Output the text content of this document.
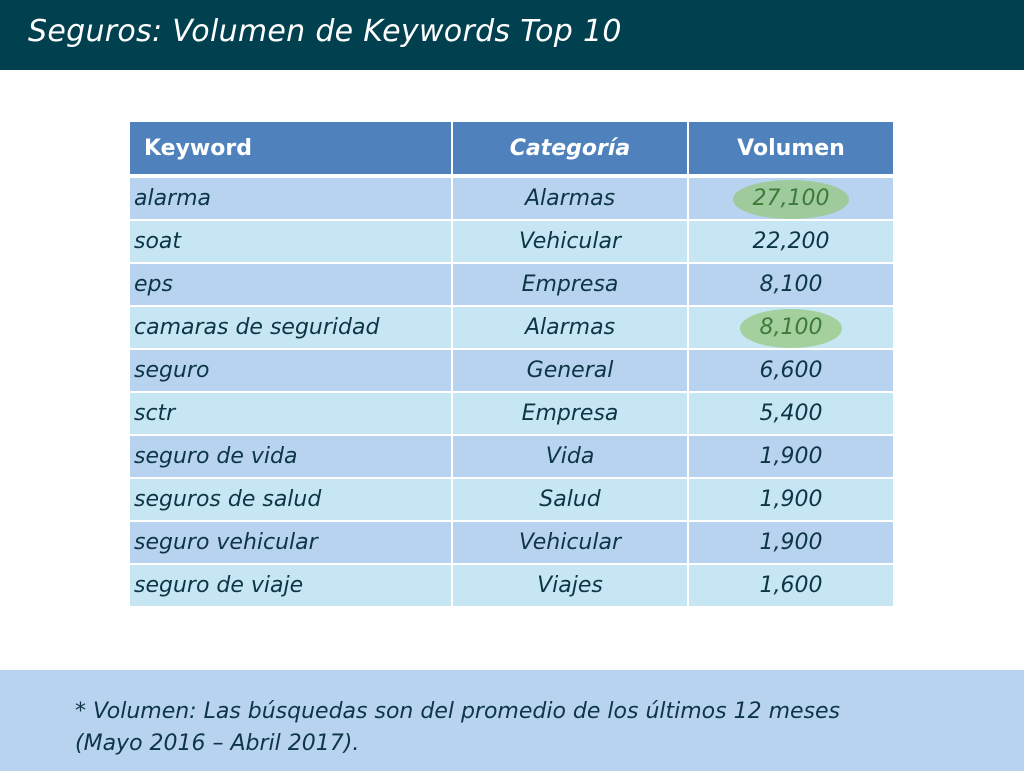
Seguros: Volumen de Keywords Top 10
Keyword	Categoría	Volumen
alarma	Alarmas	27,100
soat	Vehicular	22,200
eps	Empresa	8,100
camaras de seguridad	Alarmas	8,100
seguro	General	6,600
sctr	Empresa	5,400
seguro de vida	Vida	1,900
seguros de salud	Salud	1,900
seguro vehicular	Vehicular	1,900
seguro de viaje	Viajes	1,600

* Volumen: Las búsquedas son del promedio de los últimos 12 meses
(Mayo 2016 – Abril 2017).
